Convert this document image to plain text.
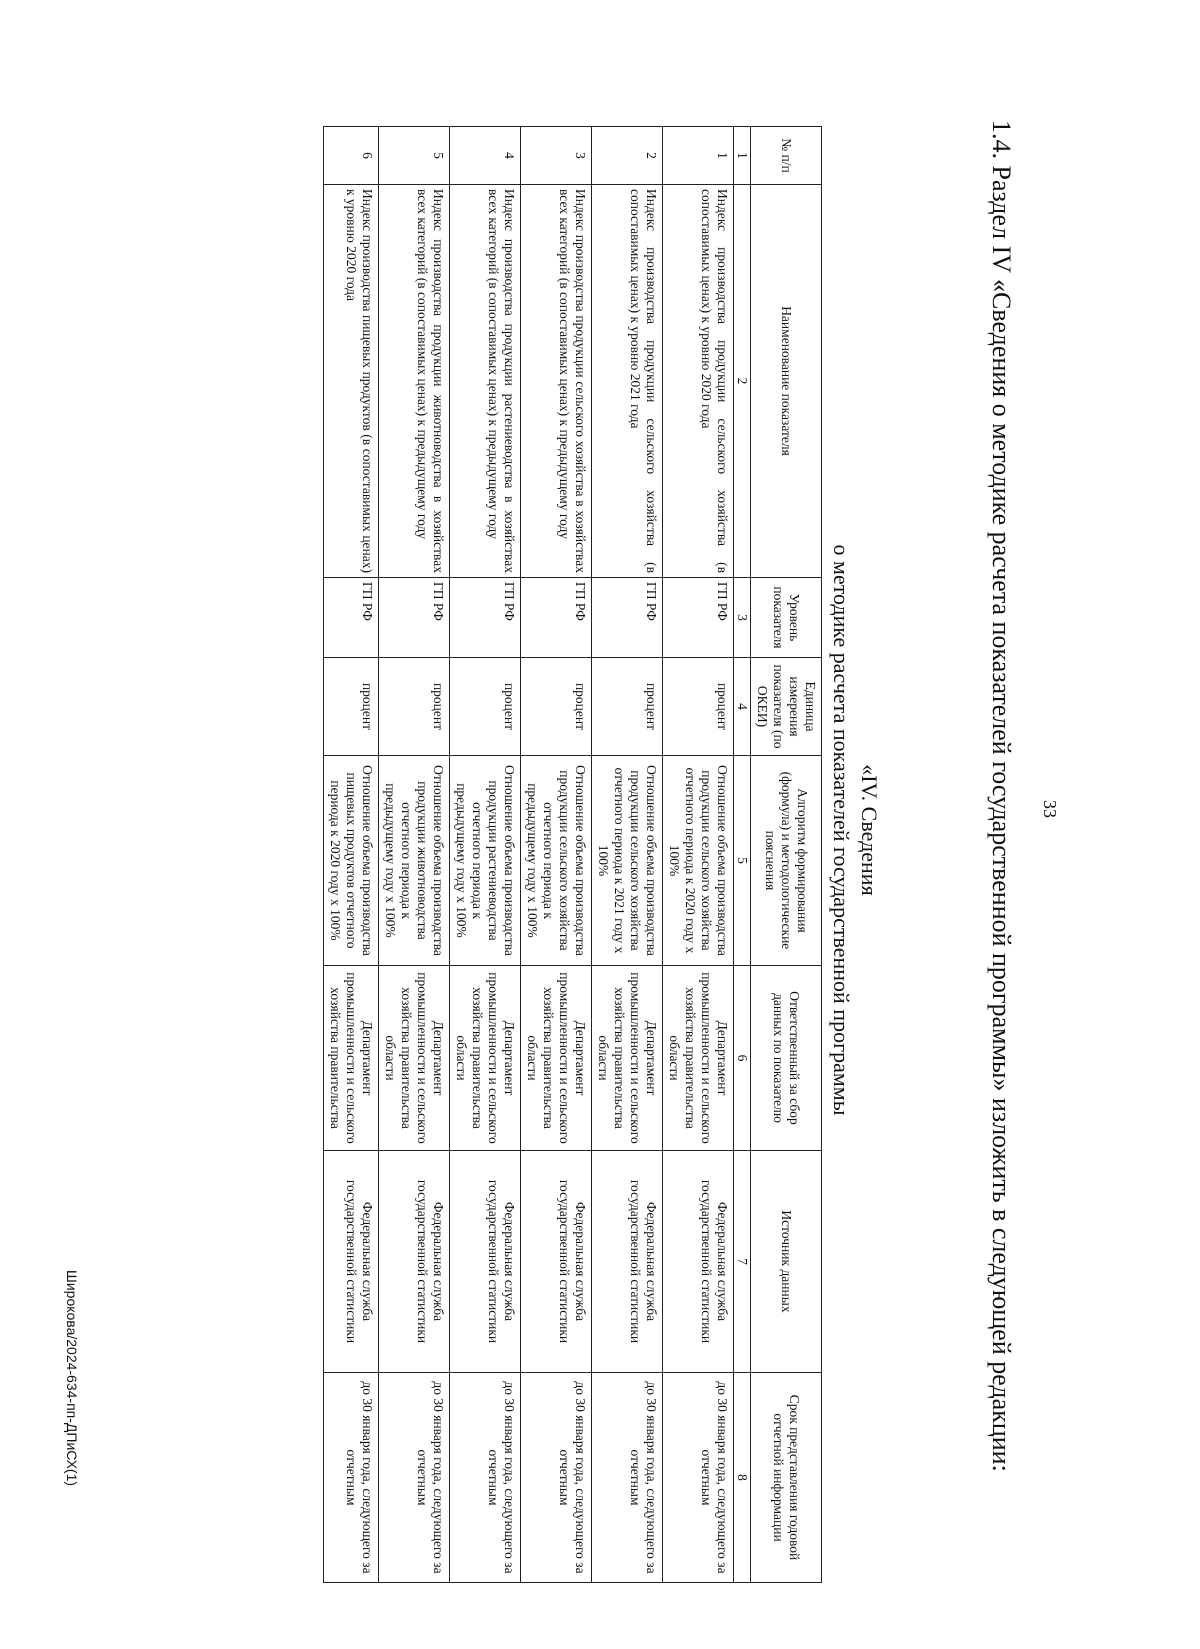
33
1.4. Раздел IV «Сведения о методике расчета показателей государственной программы» изложить в следующей редакции:
«IV. Сведения
о методике расчета показателей государственной программы
№ п/п	Наименование показателя	Уровень показателя	Единица измерения показателя (по ОКЕИ)	Алгоритм формирования (формула) и методологические пояснения	Ответственный за сбор данных по показателю	Источник данных	Срок представления годовой отчетной информации
1	2	3	4	5	6	7	8
1	Индекс производства продукции сельского хозяйства (в сопоставимых ценах) к уровню 2020 года	ГП РФ	процент	Отношение объема производства продукции сельского хозяйства отчетного периода к 2020 году х 100%	Департамент промышленности и сельского хозяйства правительства области	Федеральная служба государственной статистики	до 30 января года, следующего за отчетным
2	Индекс производства продукции сельского хозяйства (в сопоставимых ценах) к уровню 2021 года	ГП РФ	процент	Отношение объема производства продукции сельского хозяйства отчетного периода к 2021 году х 100%	Департамент промышленности и сельского хозяйства правительства области	Федеральная служба государственной статистики	до 30 января года, следующего за отчетным
3	Индекс производства продукции сельского хозяйства в хозяйствах всех категорий (в сопоставимых ценах) к предыдущему году	ГП РФ	процент	Отношение объема производства продукции сельского хозяйства отчетного периода к предыдущему году х 100%	Департамент промышленности и сельского хозяйства правительства области	Федеральная служба государственной статистики	до 30 января года, следующего за отчетным
4	Индекс производства продукции растениеводства в хозяйствах всех категорий (в сопоставимых ценах) к предыдущему году	ГП РФ	процент	Отношение объема производства продукции растениеводства отчетного периода к предыдущему году х 100%	Департамент промышленности и сельского хозяйства правительства области	Федеральная служба государственной статистики	до 30 января года, следующего за отчетным
5	Индекс производства продукции животноводства в хозяйствах всех категорий (в сопоставимых ценах) к предыдущему году	ГП РФ	процент	Отношение объема производства продукции животноводства отчетного периода к предыдущему году х 100%	Департамент промышленности и сельского хозяйства правительства области	Федеральная служба государственной статистики	до 30 января года, следующего за отчетным
6	Индекс производства пищевых продуктов (в сопоставимых ценах) к уровню 2020 года	ГП РФ	процент	Отношение объема производства пищевых продуктов отчетного периода к 2020 году х 100%	Департамент промышленности и сельского хозяйства правительства	Федеральная служба государственной статистики	до 30 января года, следующего за отчетным
Широкова/2024-634-пп-ДПиСХ(1)
